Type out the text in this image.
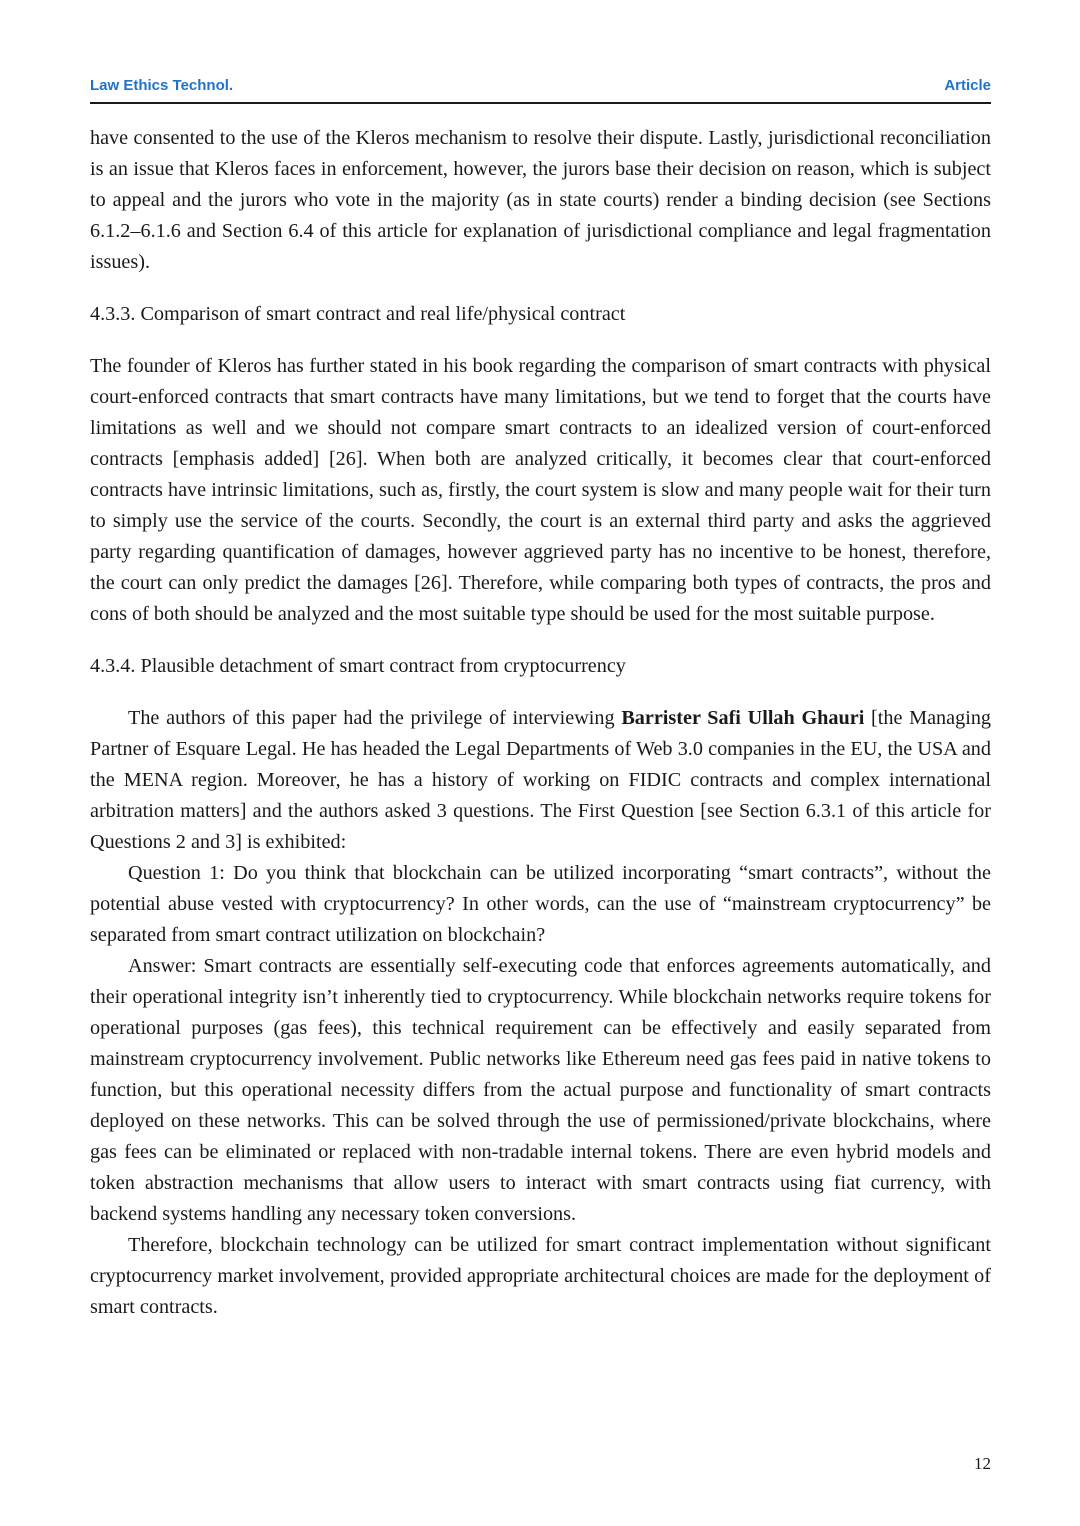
Law Ethics Technol.	Article

have consented to the use of the Kleros mechanism to resolve their dispute. Lastly, jurisdictional reconciliation is an issue that Kleros faces in enforcement, however, the jurors base their decision on reason, which is subject to appeal and the jurors who vote in the majority (as in state courts) render a binding decision (see Sections 6.1.2–6.1.6 and Section 6.4 of this article for explanation of jurisdictional compliance and legal fragmentation issues).

4.3.3. Comparison of smart contract and real life/physical contract

The founder of Kleros has further stated in his book regarding the comparison of smart contracts with physical court-enforced contracts that smart contracts have many limitations, but we tend to forget that the courts have limitations as well and we should not compare smart contracts to an idealized version of court-enforced contracts [emphasis added] [26]. When both are analyzed critically, it becomes clear that court-enforced contracts have intrinsic limitations, such as, firstly, the court system is slow and many people wait for their turn to simply use the service of the courts. Secondly, the court is an external third party and asks the aggrieved party regarding quantification of damages, however aggrieved party has no incentive to be honest, therefore, the court can only predict the damages [26]. Therefore, while comparing both types of contracts, the pros and cons of both should be analyzed and the most suitable type should be used for the most suitable purpose.

4.3.4. Plausible detachment of smart contract from cryptocurrency

The authors of this paper had the privilege of interviewing Barrister Safi Ullah Ghauri [the Managing Partner of Esquare Legal. He has headed the Legal Departments of Web 3.0 companies in the EU, the USA and the MENA region. Moreover, he has a history of working on FIDIC contracts and complex international arbitration matters] and the authors asked 3 questions. The First Question [see Section 6.3.1 of this article for Questions 2 and 3] is exhibited:

Question 1: Do you think that blockchain can be utilized incorporating “smart contracts”, without the potential abuse vested with cryptocurrency? In other words, can the use of “mainstream cryptocurrency” be separated from smart contract utilization on blockchain?

Answer: Smart contracts are essentially self-executing code that enforces agreements automatically, and their operational integrity isn’t inherently tied to cryptocurrency. While blockchain networks require tokens for operational purposes (gas fees), this technical requirement can be effectively and easily separated from mainstream cryptocurrency involvement. Public networks like Ethereum need gas fees paid in native tokens to function, but this operational necessity differs from the actual purpose and functionality of smart contracts deployed on these networks. This can be solved through the use of permissioned/private blockchains, where gas fees can be eliminated or replaced with non-tradable internal tokens. There are even hybrid models and token abstraction mechanisms that allow users to interact with smart contracts using fiat currency, with backend systems handling any necessary token conversions.

Therefore, blockchain technology can be utilized for smart contract implementation without significant cryptocurrency market involvement, provided appropriate architectural choices are made for the deployment of smart contracts.

12
